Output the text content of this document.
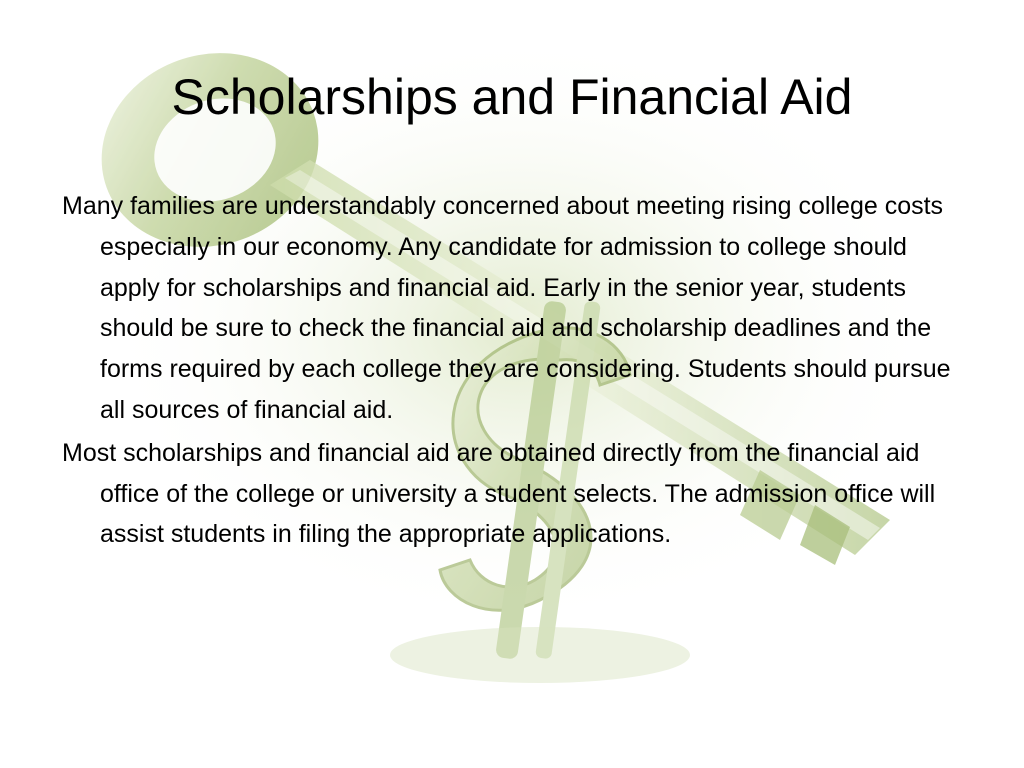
Scholarships and Financial Aid

Many families are understandably concerned about meeting rising college costs especially in our economy. Any candidate for admission to college should apply for scholarships and financial aid. Early in the senior year, students should be sure to check the financial aid and scholarship deadlines and the forms required by each college they are considering. Students should pursue all sources of financial aid.

Most scholarships and financial aid are obtained directly from the financial aid office of the college or university a student selects. The admission office will assist students in filing the appropriate applications.
